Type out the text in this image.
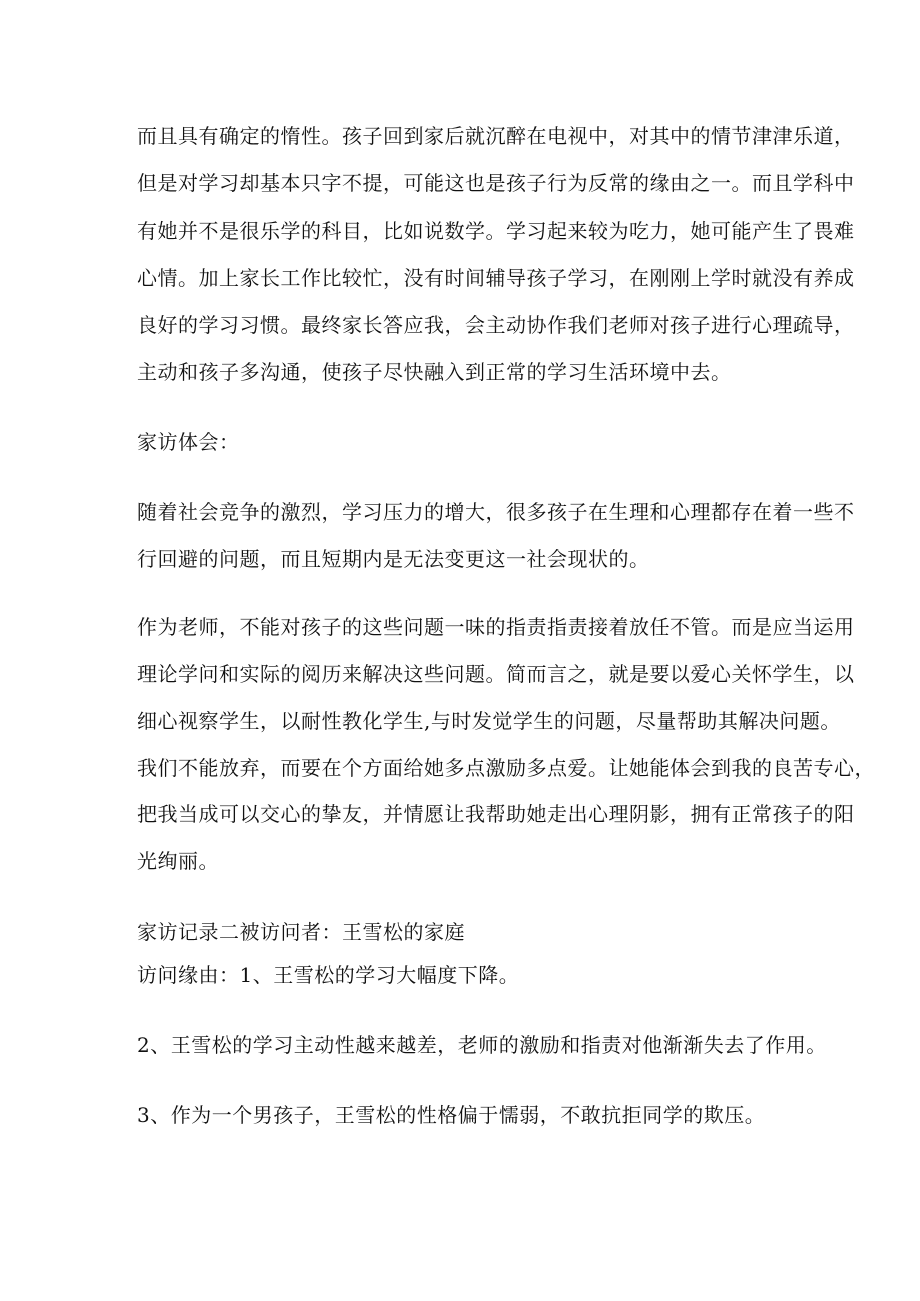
而且具有确定的惰性。孩子回到家后就沉醉在电视中，对其中的情节津津乐道，
但是对学习却基本只字不提，可能这也是孩子行为反常的缘由之一。而且学科中
有她并不是很乐学的科目，比如说数学。学习起来较为吃力，她可能产生了畏难
心情。加上家长工作比较忙，没有时间辅导孩子学习，在刚刚上学时就没有养成
良好的学习习惯。最终家长答应我，会主动协作我们老师对孩子进行心理疏导，
主动和孩子多沟通，使孩子尽快融入到正常的学习生活环境中去。
家访体会：
随着社会竞争的激烈，学习压力的增大，很多孩子在生理和心理都存在着一些不
行回避的问题，而且短期内是无法变更这一社会现状的。
作为老师，不能对孩子的这些问题一味的指责指责接着放任不管。而是应当运用
理论学问和实际的阅历来解决这些问题。简而言之，就是要以爱心关怀学生，以
细心视察学生，以耐性教化学生,与时发觉学生的问题，尽量帮助其解决问题。
我们不能放弃，而要在个方面给她多点激励多点爱。让她能体会到我的良苦专心，
把我当成可以交心的挚友，并情愿让我帮助她走出心理阴影，拥有正常孩子的阳
光绚丽。
家访记录二被访问者：王雪松的家庭
访问缘由：1、王雪松的学习大幅度下降。
2、王雪松的学习主动性越来越差，老师的激励和指责对他渐渐失去了作用。
3、作为一个男孩子，王雪松的性格偏于懦弱，不敢抗拒同学的欺压。
